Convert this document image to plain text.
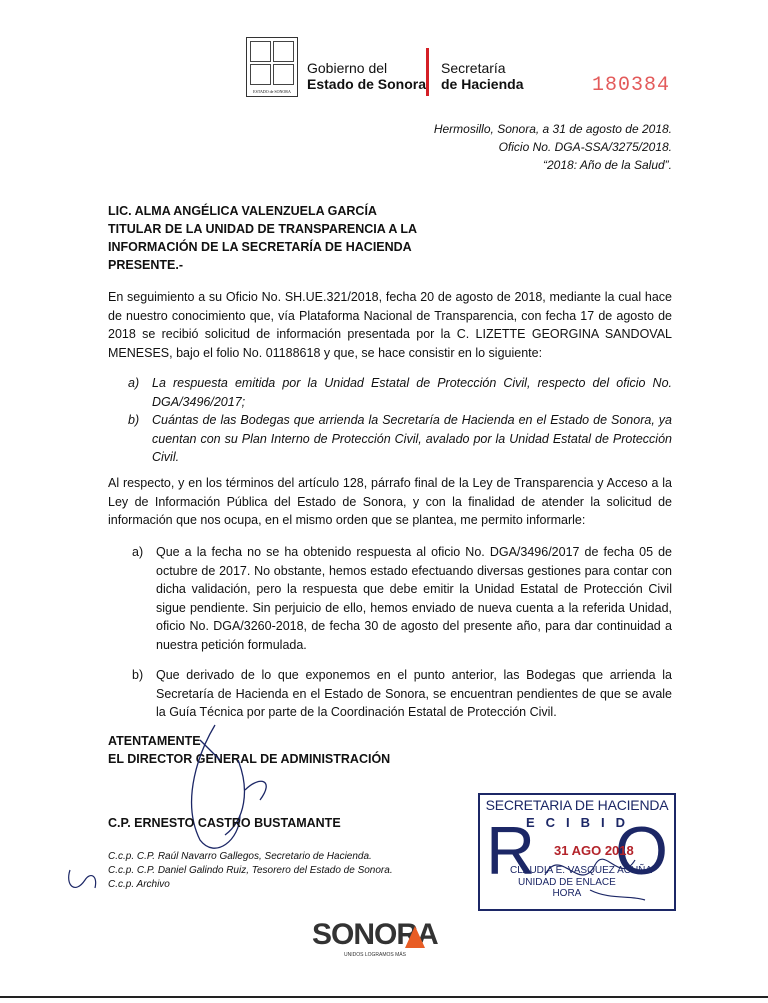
ESTADO de SONORA
Gobierno del
Estado de Sonora
Secretaría
de Hacienda	180384
Hermosillo, Sonora, a 31 de agosto de 2018.
Oficio No. DGA-SSA/3275/2018.
“2018: Año de la Salud”.
LIC. ALMA ANGÉLICA VALENZUELA GARCÍA
TITULAR DE LA UNIDAD DE TRANSPARENCIA A LA
INFORMACIÓN DE LA SECRETARÍA DE HACIENDA
PRESENTE.-
En seguimiento a su Oficio No. SH.UE.321/2018, fecha 20 de agosto de 2018, mediante la cual hace de nuestro conocimiento que, vía Plataforma Nacional de Transparencia, con fecha 17 de agosto de 2018 se recibió solicitud de información presentada por la C. LIZETTE GEORGINA SANDOVAL MENESES, bajo el folio No. 01188618 y que, se hace consistir en lo siguiente:
a) La respuesta emitida por la Unidad Estatal de Protección Civil, respecto del oficio No. DGA/3496/2017;
b) Cuántas de las Bodegas que arrienda la Secretaría de Hacienda en el Estado de Sonora, ya cuentan con su Plan Interno de Protección Civil, avalado por la Unidad Estatal de Protección Civil.
Al respecto, y en los términos del artículo 128, párrafo final de la Ley de Transparencia y Acceso a la Ley de Información Pública del Estado de Sonora, y con la finalidad de atender la solicitud de información que nos ocupa, en el mismo orden que se plantea, me permito informarle:
a) Que a la fecha no se ha obtenido respuesta al oficio No. DGA/3496/2017 de fecha 05 de octubre de 2017. No obstante, hemos estado efectuando diversas gestiones para contar con dicha validación, pero la respuesta que debe emitir la Unidad Estatal de Protección Civil sigue pendiente. Sin perjuicio de ello, hemos enviado de nueva cuenta a la referida Unidad, oficio No. DGA/3260-2018, de fecha 30 de agosto del presente año, para dar continuidad a nuestra petición formulada.
b) Que derivado de lo que exponemos en el punto anterior, las Bodegas que arrienda la Secretaría de Hacienda en el Estado de Sonora, se encuentran pendientes de que se avale la Guía Técnica por parte de la Coordinación Estatal de Protección Civil.
ATENTAMENTE
EL DIRECTOR GENERAL DE ADMINISTRACIÓN
C.P. ERNESTO CASTRO BUSTAMANTE
C.c.p. C.P. Raúl Navarro Gallegos, Secretario de Hacienda.
C.c.p. C.P. Daniel Galindo Ruiz, Tesorero del Estado de Sonora.
C.c.p. Archivo
SECRETARIA DE HACIENDA
R
ECIBID
O
31 AGO 2018
CLAUDIA E. VASQUEZ ACUÑA
UNIDAD DE ENLACE
HORA
SONORA
UNIDOS LOGRAMOS MÁS
